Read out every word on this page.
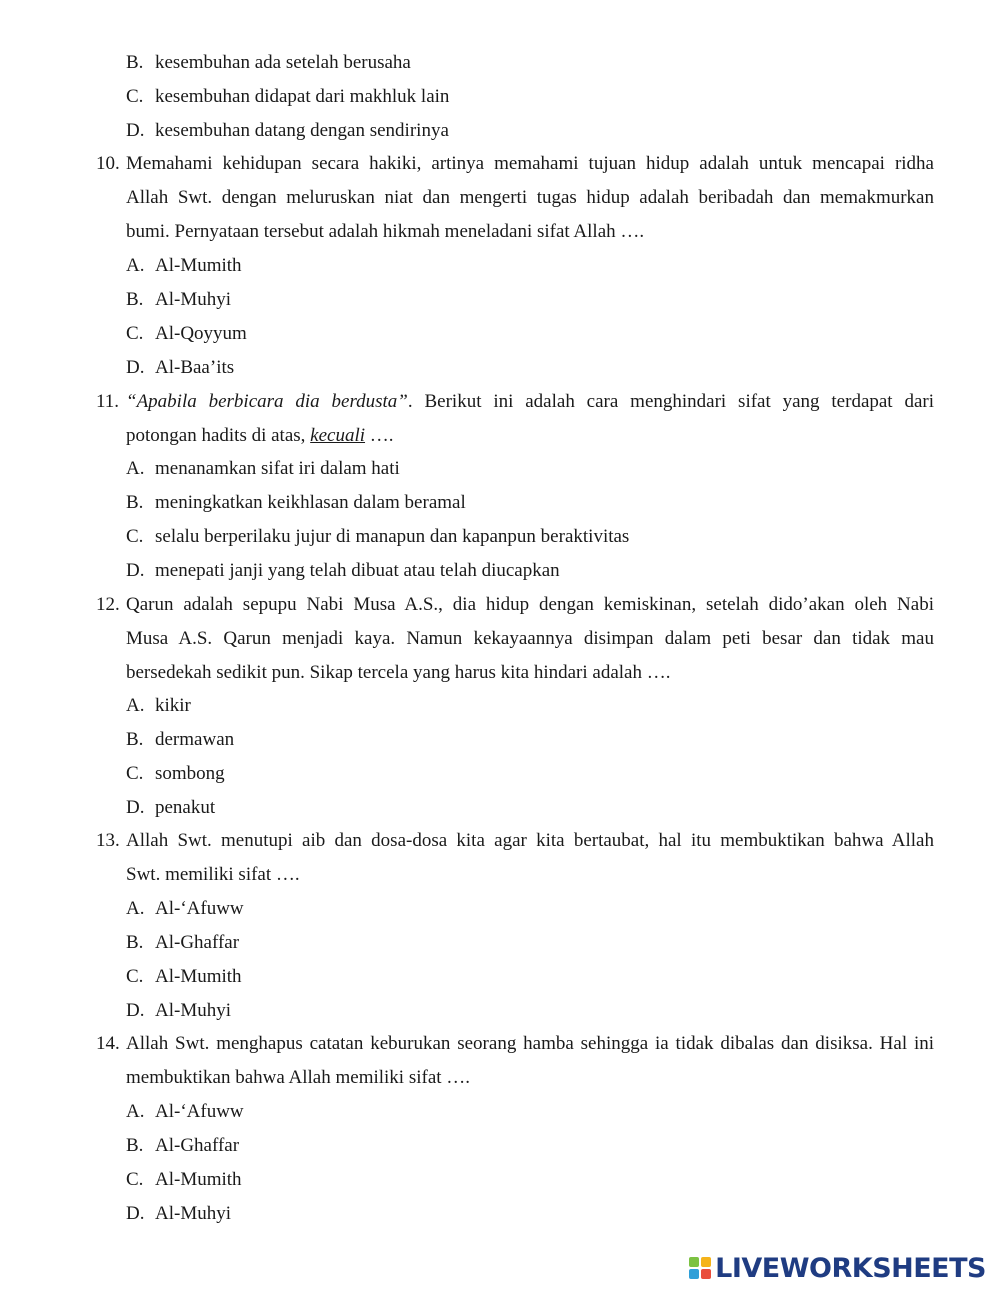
B. kesembuhan ada setelah berusaha
C. kesembuhan didapat dari makhluk lain
D. kesembuhan datang dengan sendirinya
10. Memahami kehidupan secara hakiki, artinya memahami tujuan hidup adalah untuk mencapai ridha
Allah Swt. dengan meluruskan niat dan mengerti tugas hidup adalah beribadah dan memakmurkan
bumi. Pernyataan tersebut adalah hikmah meneladani sifat Allah ….
A. Al-Mumith
B. Al-Muhyi
C. Al-Qoyyum
D. Al-Baa’its
11. “Apabila berbicara dia berdusta”. Berikut ini adalah cara menghindari sifat yang terdapat dari
potongan hadits di atas, kecuali ….
A. menanamkan sifat iri dalam hati
B. meningkatkan keikhlasan dalam beramal
C. selalu berperilaku jujur di manapun dan kapanpun beraktivitas
D. menepati janji yang telah dibuat atau telah diucapkan
12. Qarun adalah sepupu Nabi Musa A.S., dia hidup dengan kemiskinan, setelah dido’akan oleh Nabi
Musa A.S. Qarun menjadi kaya. Namun kekayaannya disimpan dalam peti besar dan tidak mau
bersedekah sedikit pun. Sikap tercela yang harus kita hindari adalah ….
A. kikir
B. dermawan
C. sombong
D. penakut
13. Allah Swt. menutupi aib dan dosa-dosa kita agar kita bertaubat, hal itu membuktikan bahwa Allah
Swt. memiliki sifat ….
A. Al-‘Afuww
B. Al-Ghaffar
C. Al-Mumith
D. Al-Muhyi
14. Allah Swt. menghapus catatan keburukan seorang hamba sehingga ia tidak dibalas dan disiksa. Hal ini
membuktikan bahwa Allah memiliki sifat ….
A. Al-‘Afuww
B. Al-Ghaffar
C. Al-Mumith
D. Al-Muhyi
LIVEWORKSHEETS
